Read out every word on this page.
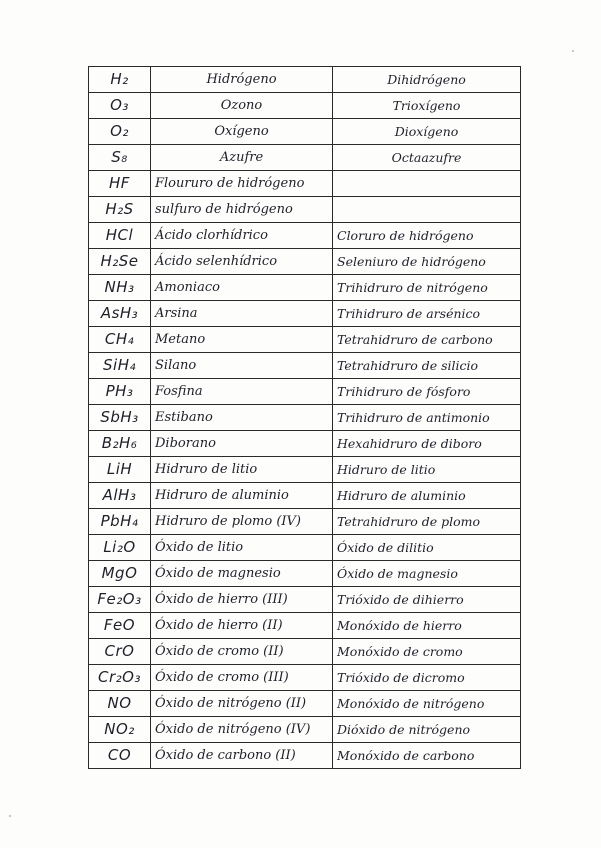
H₂	Hidrógeno	Dihidrógeno
O₃	Ozono	Trioxígeno
O₂	Oxígeno	Dioxígeno
S₈	Azufre	Octaazufre
HF	Floururo de hidrógeno	
H₂S	sulfuro de hidrógeno	
HCl	Ácido clorhídrico	Cloruro de hidrógeno
H₂Se	Ácido selenhídrico	Seleniuro de hidrógeno
NH₃	Amoniaco	Trihidruro de nitrógeno
AsH₃	Arsina	Trihidruro de arsénico
CH₄	Metano	Tetrahidruro de carbono
SiH₄	Silano	Tetrahidruro de silicio
PH₃	Fosfina	Trihidruro de fósforo
SbH₃	Estibano	Trihidruro de antimonio
B₂H₆	Diborano	Hexahidruro de diboro
LiH	Hidruro de litio	Hidruro de litio
AlH₃	Hidruro de aluminio	Hidruro de aluminio
PbH₄	Hidruro de plomo (IV)	Tetrahidruro de plomo
Li₂O	Óxido de litio	Óxido de dilitio
MgO	Óxido de magnesio	Óxido de magnesio
Fe₂O₃	Óxido de hierro (III)	Trióxido de dihierro
FeO	Óxido de hierro (II)	Monóxido de hierro
CrO	Óxido de cromo (II)	Monóxido de cromo
Cr₂O₃	Óxido de cromo (III)	Trióxido de dicromo
NO	Óxido de nitrógeno (II)	Monóxido de nitrógeno
NO₂	Óxido de nitrógeno (IV)	Dióxido de nitrógeno
CO	Óxido de carbono (II)	Monóxido de carbono
